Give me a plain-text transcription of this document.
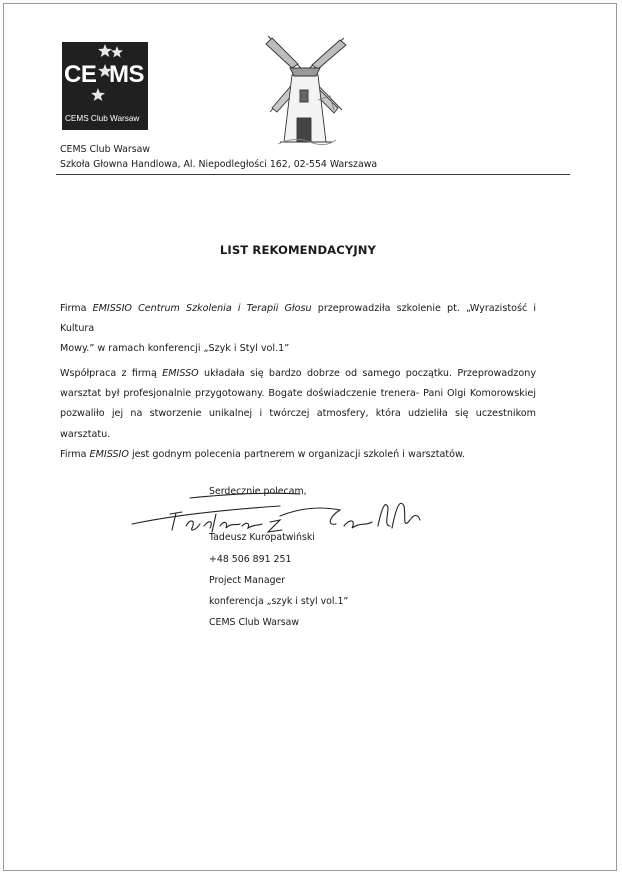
CE MS
CEMS Club Warsaw
CEMS Club Warsaw
Szkoła Głowna Handlowa, Al. Niepodległości 162, 02-554 Warszawa
LIST REKOMENDACYJNY
Firma EMISSIO Centrum Szkolenia i Terapii Głosu przeprowadziła szkolenie pt. „Wyrazistość i Kultura
Mowy.” w ramach konferencji „Szyk i Styl vol.1”
Współpraca z firmą EMISSO układała się bardzo dobrze od samego początku. Przeprowadzony
warsztat był profesjonalnie przygotowany. Bogate doświadczenie trenera- Pani Olgi Komorowskiej
pozwaliło jej na stworzenie unikalnej i twórczej atmosfery, która udzieliła się uczestnikom warsztatu.
Firma EMISSIO jest godnym polecenia partnerem w organizacji szkoleń i warsztatów.
Serdecznie polecam,
Tadeusz Kuropatwiński
+48 506 891 251
Project Manager
konferencja „szyk i styl vol.1”
CEMS Club Warsaw
